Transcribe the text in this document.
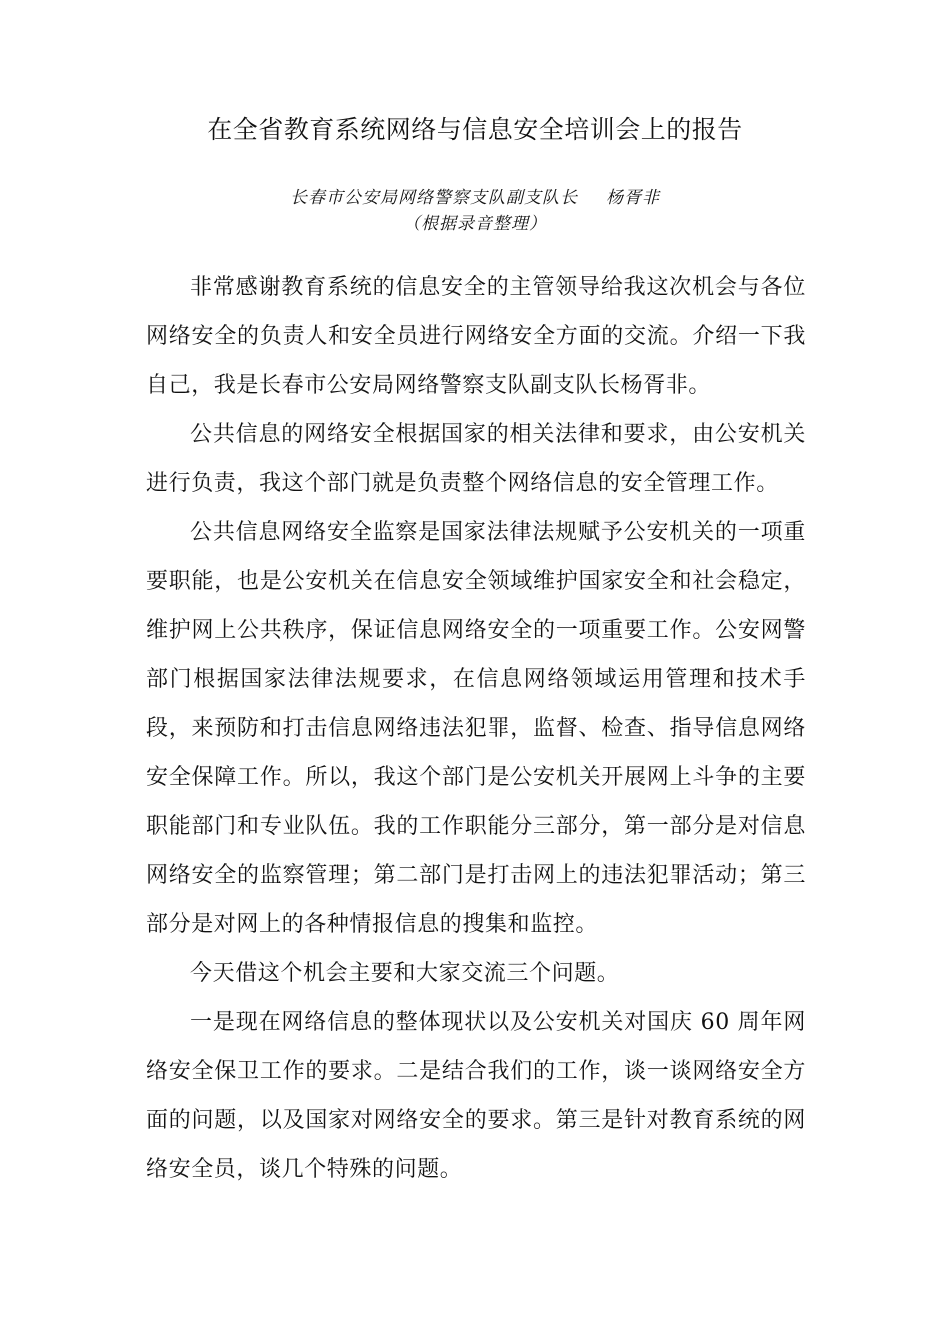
在全省教育系统网络与信息安全培训会上的报告
长春市公安局网络警察支队副支队长 杨胥非
（根据录音整理）

非常感谢教育系统的信息安全的主管领导给我这次机会与各位网络安全的负责人和安全员进行网络安全方面的交流。介绍一下我自己，我是长春市公安局网络警察支队副支队长杨胥非。

公共信息的网络安全根据国家的相关法律和要求，由公安机关进行负责，我这个部门就是负责整个网络信息的安全管理工作。

公共信息网络安全监察是国家法律法规赋予公安机关的一项重要职能，也是公安机关在信息安全领域维护国家安全和社会稳定，维护网上公共秩序，保证信息网络安全的一项重要工作。公安网警部门根据国家法律法规要求，在信息网络领域运用管理和技术手段，来预防和打击信息网络违法犯罪，监督、检查、指导信息网络安全保障工作。所以，我这个部门是公安机关开展网上斗争的主要职能部门和专业队伍。我的工作职能分三部分，第一部分是对信息网络安全的监察管理；第二部门是打击网上的违法犯罪活动；第三部分是对网上的各种情报信息的搜集和监控。

今天借这个机会主要和大家交流三个问题。

一是现在网络信息的整体现状以及公安机关对国庆 60 周年网络安全保卫工作的要求。二是结合我们的工作，谈一谈网络安全方面的问题，以及国家对网络安全的要求。第三是针对教育系统的网络安全员，谈几个特殊的问题。
